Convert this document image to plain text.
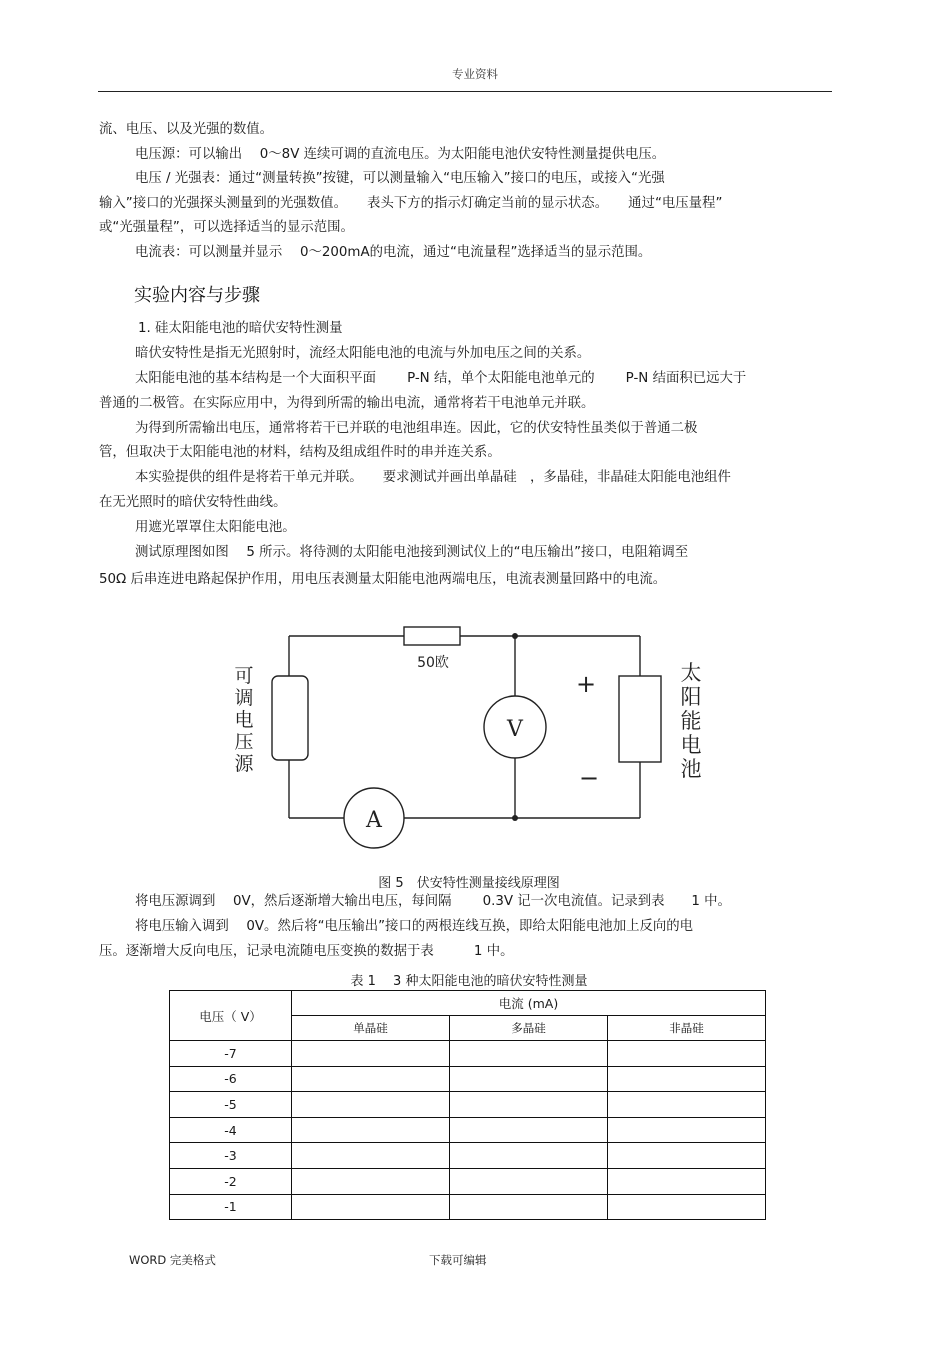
专业资料
流、电压、以及光强的数值。
电压源：可以输出　 0～8V 连续可调的直流电压。为太阳能电池伏安特性测量提供电压。
电压 / 光强表：通过“测量转换”按键，可以测量输入“电压输入”接口的电压，或接入“光强
输入”接口的光强探头测量到的光强数值。　　表头下方的指示灯确定当前的显示状态。　　通过“电压量程”
或“光强量程”，可以选择适当的显示范围。
电流表：可以测量并显示　 0～200mA的电流，通过“电流量程”选择适当的显示范围。
实验内容与步骤
1. 硅太阳能电池的暗伏安特性测量
暗伏安特性是指无光照射时，流经太阳能电池的电流与外加电压之间的关系。
太阳能电池的基本结构是一个大面积平面　　 P-N 结，单个太阳能电池单元的　　 P-N 结面积已远大于
普通的二极管。在实际应用中，为得到所需的输出电流，通常将若干电池单元并联。
为得到所需输出电压，通常将若干已并联的电池组串连。因此，它的伏安特性虽类似于普通二极
管，但取决于太阳能电池的材料，结构及组成组件时的串并连关系。
本实验提供的组件是将若干单元并联。　　要求测试并画出单晶硅　，多晶硅，非晶硅太阳能电池组件
在无光照时的暗伏安特性曲线。
用遮光罩罩住太阳能电池。
测试原理图如图　 5 所示。将待测的太阳能电池接到测试仪上的“电压输出”接口，电阻箱调至
50Ω 后串连进电路起保护作用，用电压表测量太阳能电池两端电压，电流表测量回路中的电流。
50欧
V
A
+
−
可
调
电
压
源
太
阳
能
电
池
图 5　伏安特性测量接线原理图
将电压源调到　 0V，然后逐渐增大输出电压，每间隔　　 0.3V 记一次电流值。记录到表　　1 中。
将电压输入调到　 0V。然后将“电压输出”接口的两根连线互换，即给太阳能电池加上反向的电
压。逐渐增大反向电压，记录电流随电压变换的数据于表　　　1 中。
表 1　 3 种太阳能电池的暗伏安特性测量
电压（ V）	电流 (mA)		
	单晶硅	多晶硅	非晶硅
-7			
-6			
-5			
-4			
-3			
-2			
-1			
WORD 完美格式	下载可编辑
